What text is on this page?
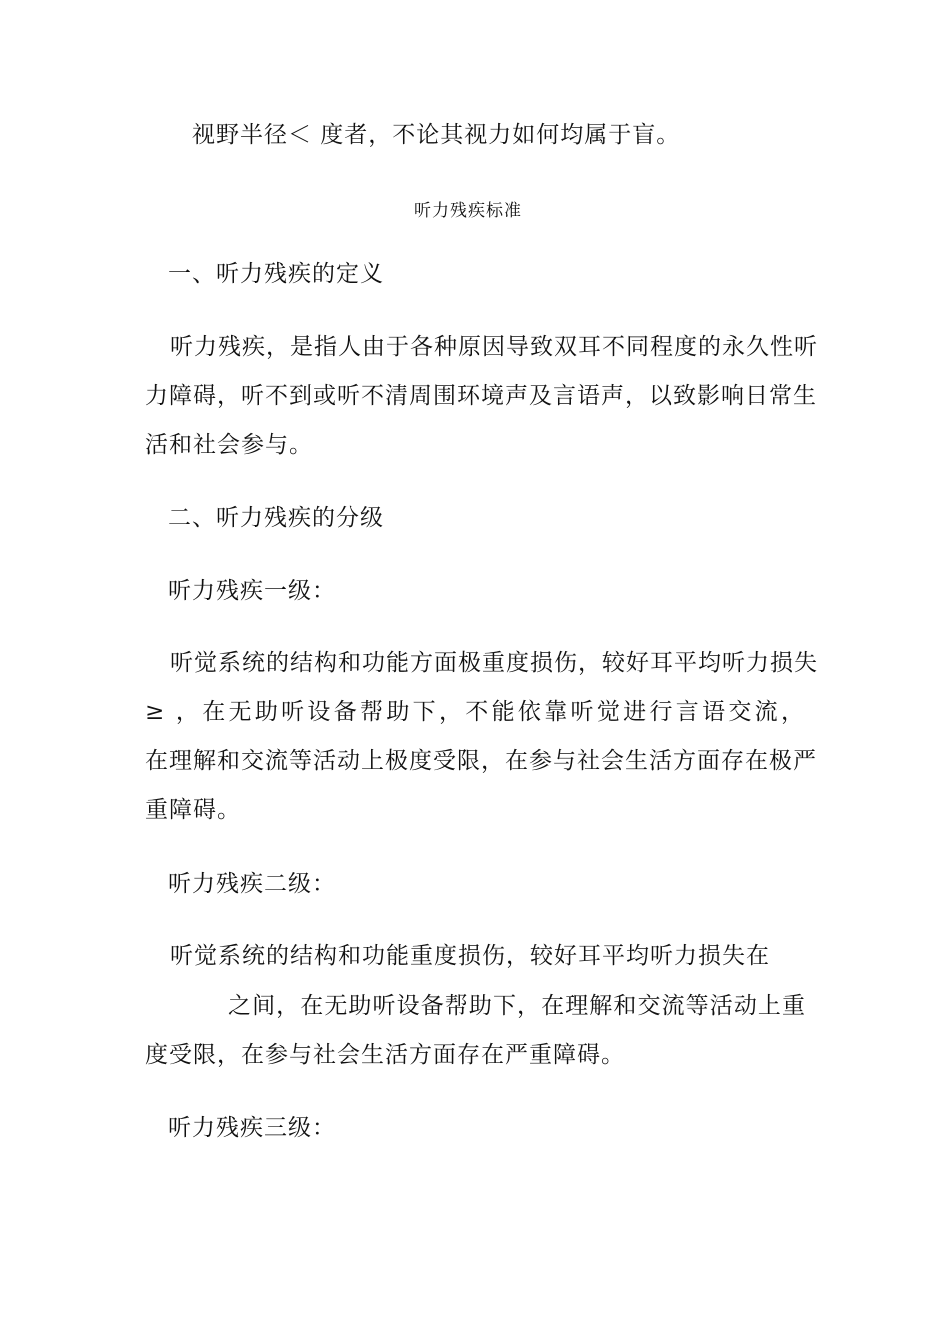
视野半径＜ 度者，不论其视力如何均属于盲。
听力残疾标准
一、听力残疾的定义
听力残疾，是指人由于各种原因导致双耳不同程度的永久性听
力障碍，听不到或听不清周围环境声及言语声，以致影响日常生
活和社会参与。
二、听力残疾的分级
听力残疾一级：
听觉系统的结构和功能方面极重度损伤，较好耳平均听力损失
≥ ，在无助听设备帮助下，不能依靠听觉进行言语交流，
在理解和交流等活动上极度受限，在参与社会生活方面存在极严
重障碍。
听力残疾二级：
听觉系统的结构和功能重度损伤，较好耳平均听力损失在
之间，在无助听设备帮助下，在理解和交流等活动上重
度受限，在参与社会生活方面存在严重障碍。
听力残疾三级：
